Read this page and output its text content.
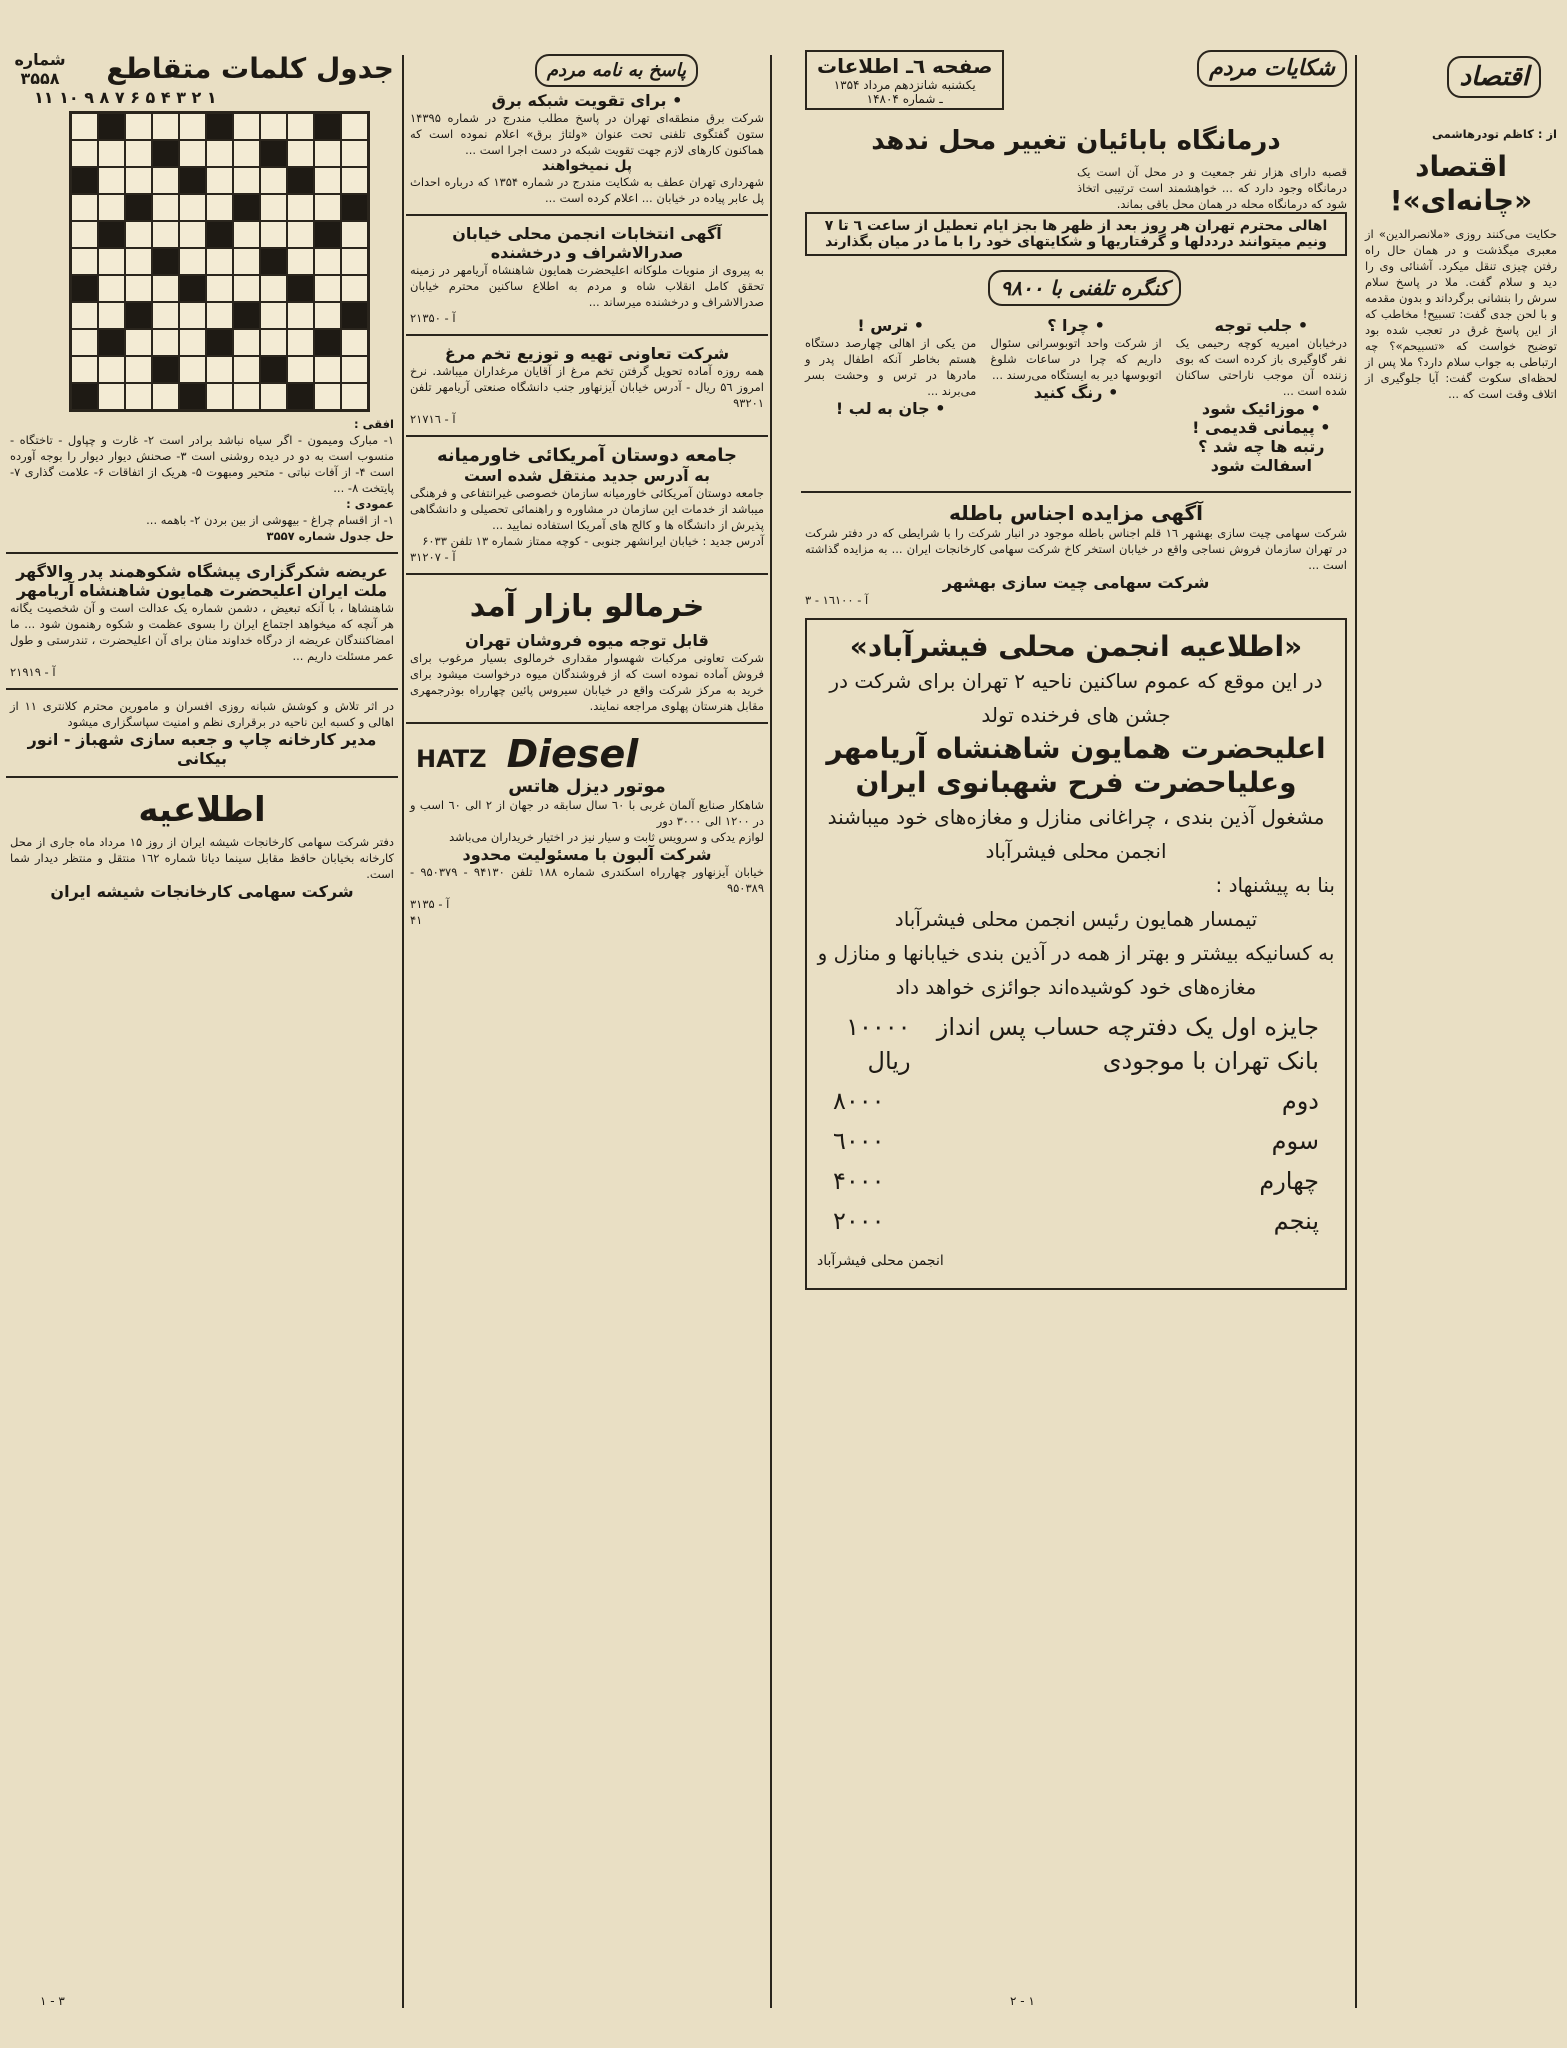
اقتصاد
از : کاظم تودرهاشمی
اقتصاد «چانه‌ای»!
حکایت می‌کنند روزی «ملانصرالدین» از معبری میگذشت و در همان حال راه رفتن چیزی تنقل میکرد. آشنائی وی را دید و سلام گفت. ملا در پاسخ سلام سرش را بنشانی برگرداند و بدون مقدمه و با لحن جدی گفت: تسبیح! مخاطب که از این پاسخ غرق در تعجب شده بود توضیح خواست که «تسبیحم»؟ چه ارتباطی به جواب سلام دارد؟ ملا پس از لحظه‌ای سکوت گفت: آیا جلوگیری از اتلاف وقت است که ...
شکایات مردم
صفحه ٦ـ اطلاعات
یکشنبه شانزدهم مرداد ۱۳۵۴
ـ شماره ۱۴۸۰۴
درمانگاه بابائیان تغییر محل ندهد
قصبه دارای هزار نفر جمعیت و در محل آن است یک درمانگاه وجود دارد که ... خواهشمند است ترتیبی اتخاذ شود که درمانگاه محله در همان محل باقی بماند.
اهالی محترم تهران هر روز بعد از ظهر ها بجز ایام تعطیل از ساعت ٦ تا ٧ ونیم میتوانند درددلها و گرفتاریها و شکایتهای خود را با ما در میان بگذارند
کنگره تلفنی با ۹۸۰۰
• جلب توجه
درخیابان امیریه کوچه رحیمی یک نفر گاوگیری باز کرده است که بوی زننده آن موجب ناراحتی ساکنان شده است ...
• موزائیک شود
• پیمانی قدیمی !
رتبه ها چه شد ؟
اسفالت شود
• چرا ؟
از شرکت واحد اتوبوسرانی سئوال داریم که چرا در ساعات شلوغ اتوبوسها دیر به ایستگاه می‌رسند ...
• رنگ کنید
• ترس !
من یکی از اهالی چهارصد دستگاه هستم بخاطر آنکه اطفال پدر و مادرها در ترس و وحشت بسر می‌برند ...
• جان به لب !
آگهی مزایده اجناس باطله
شرکت سهامی چیت سازی بهشهر ۱٦ قلم اجناس باطله موجود در انبار شرکت را با شرایطی که در دفتر شرکت در تهران سازمان فروش نساجی واقع در خیابان استخر کاخ شرکت سهامی کارخانجات ایران ... به مزایده گذاشته است ...
شرکت سهامی چیت سازی بهشهر
آ - ۱٦۱۰۰ - ۳
«اطلاعیه انجمن محلی فیشرآباد»
در این موقع که عموم ساکنین ناحیه ۲ تهران برای شرکت در جشن های فرخنده تولد
اعلیحضرت همایون شاهنشاه آریامهر
وعلیاحضرت فرح شهبانوی ایران
مشغول آذین بندی ، چراغانی منازل و مغازه‌های خود میباشند انجمن محلی فیشرآباد
بنا به پیشنهاد :
تیمسار همایون رئیس انجمن محلی فیشرآباد
به کسانیکه بیشتر و بهتر از همه در آذین بندی خیابانها و منازل و مغازه‌های خود کوشیده‌اند جوائزی خواهد داد
جایزه اول یک دفترچه حساب پس انداز بانک تهران با موجودی
۱۰۰۰۰ ریال
دوم
۸۰۰۰
سوم
٦۰۰۰
چهارم
۴۰۰۰
پنجم
۲۰۰۰
انجمن محلی فیشرآباد
پاسخ به نامه مردم
• برای تقویت شبکه برق
شرکت برق منطقه‌ای تهران در پاسخ مطلب مندرج در شماره ۱۴۳۹۵ ستون گفتگوی تلفنی تحت عنوان «ولتاژ برق» اعلام نموده است که هماکنون کارهای لازم جهت تقویت شبکه در دست اجرا است ...
پل نمیخواهند
شهرداری تهران عطف به شکایت مندرج در شماره ۱۳۵۴ که درباره احداث پل عابر پیاده در خیابان ... اعلام کرده است ...
آگهی انتخابات انجمن محلی خیابان صدرالاشراف و درخشنده
به پیروی از منویات ملوکانه اعلیحضرت همایون شاهنشاه آریامهر در زمینه تحقق کامل انقلاب شاه و مردم به اطلاع ساکنین محترم خیابان صدرالاشراف و درخشنده میرساند ...
آ - ۲۱۳۵۰
شرکت تعاونی تهیه و توزیع تخم مرغ
همه روزه آماده تحویل گرفتن تخم مرغ از آقایان مرغداران میباشد. نرخ امروز ۵٦ ریال - آدرس خیابان آیزنهاور جنب دانشگاه صنعتی آریامهر تلفن ۹۳۲۰۱
آ - ۲۱۷۱٦
جامعه دوستان آمریکائی خاورمیانه
به آدرس جدید منتقل شده است
جامعه دوستان آمریکائی خاورمیانه سازمان خصوصی غیرانتفاعی و فرهنگی میباشد از خدمات این سازمان در مشاوره و راهنمائی تحصیلی و دانشگاهی پذیرش از دانشگاه ها و کالج های آمریکا استفاده نمایید ...
آدرس جدید : خیابان ایرانشهر جنوبی - کوچه ممتاز شماره ۱۳ تلفن ۶۰۳۳
آ - ۳۱۲۰۷
خرمالو بازار آمد
قابل توجه میوه فروشان تهران
شرکت تعاونی مرکبات شهسوار مقداری خرمالوی بسیار مرغوب برای فروش آماده نموده است که از فروشندگان میوه درخواست میشود برای خرید به مرکز شرکت واقع در خیابان سیروس پائین چهارراه بوذرجمهری مقابل هنرستان پهلوی مراجعه نمایند.
HATZ Diesel
موتور دیزل هاتس
شاهکار صنایع آلمان غربی با ٦۰ سال سابقه در جهان از ۲ الی ٦۰ اسب و در ۱۲۰۰ الی ۳۰۰۰ دور
لوازم یدکی و سرویس ثابت و سیار نیز در اختیار خریداران می‌باشد
شرکت آلبون با مسئولیت محدود
خیابان آیزنهاور چهارراه اسکندری شماره ۱۸۸ تلفن ۹۴۱۳۰ - ۹۵۰۳۷۹ - ۹۵۰۳۸۹
آ - ۳۱۳۵
۴۱
جدول کلمات متقاطع
شماره ۳۵۵۸
۱۱ ۱۰ ۹ ۸ ۷ ۶ ۵ ۴ ۳ ۲ ۱
افقی :
۱- مبارک ومیمون - اگر سیاه نباشد برادر است ۲- غارت و چپاول - تاختگاه - منسوب است به دو در دیده روشنی است ۳- صحنش دیوار دیوار را بوجه آورده است ۴- از آفات نباتی - متحیر ومبهوت ۵- هریک از اتفاقات ۶- علامت گذاری ۷- پایتخت ۸- ...
عمودی :
۱- از اقسام چراغ - بیهوشی از بین بردن ۲- باهمه ...
حل جدول شماره ۳۵۵۷
عریضه شکرگزاری پیشگاه شکوهمند پدر والاگهر ملت ایران اعلیحضرت همایون شاهنشاه آریامهر
شاهنشاها ، با آنکه تبعیض ، دشمن شماره یک عدالت است و آن شخصیت یگانه هر آنچه که میخواهد اجتماع ایران را بسوی عظمت و شکوه رهنمون شود ... ما امضاکنندگان عریضه از درگاه خداوند منان برای آن اعلیحضرت ، تندرستی و طول عمر مسئلت داریم ...
آ - ۲۱۹۱۹
در اثر تلاش و کوشش شبانه روزی افسران و مامورین محترم کلانتری ۱۱ از اهالی و کسبه این ناحیه در برقراری نظم و امنیت سپاسگزاری میشود
مدیر کارخانه چاپ و جعبه سازی شهباز - انور بیکانی
اطلاعیه
دفتر شرکت سهامی کارخانجات شیشه ایران از روز ۱۵ مرداد ماه جاری از محل کارخانه بخیابان حافظ مقابل سینما دیانا شماره ۱٦۲ منتقل و منتظر دیدار شما است.
شرکت سهامی کارخانجات شیشه ایران
۱ - ۲
۳ - ۱
